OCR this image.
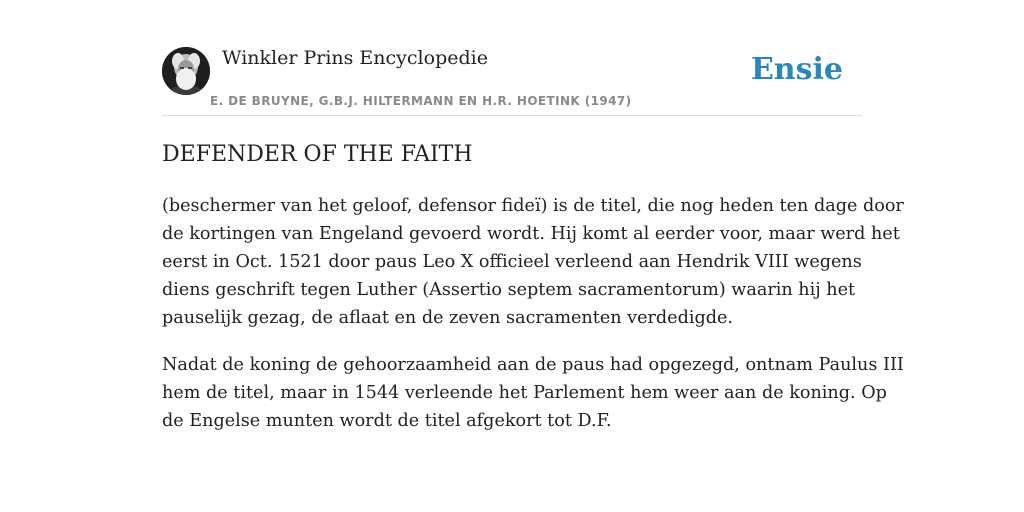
Winkler Prins Encyclopedie
E. DE BRUYNE, G.B.J. HILTERMANN EN H.R. HOETINK (1947)
Ensie
DEFENDER OF THE FAITH

(beschermer van het geloof, defensor fideï) is de titel, die nog heden ten dage door
de kortingen van Engeland gevoerd wordt. Hij komt al eerder voor, maar werd het
eerst in Oct. 1521 door paus Leo X officieel verleend aan Hendrik VIII wegens
diens geschrift tegen Luther (Assertio septem sacramentorum) waarin hij het
pauselijk gezag, de aflaat en de zeven sacramenten verdedigde.

Nadat de koning de gehoorzaamheid aan de paus had opgezegd, ontnam Paulus III
hem de titel, maar in 1544 verleende het Parlement hem weer aan de koning. Op
de Engelse munten wordt de titel afgekort tot D.F.
